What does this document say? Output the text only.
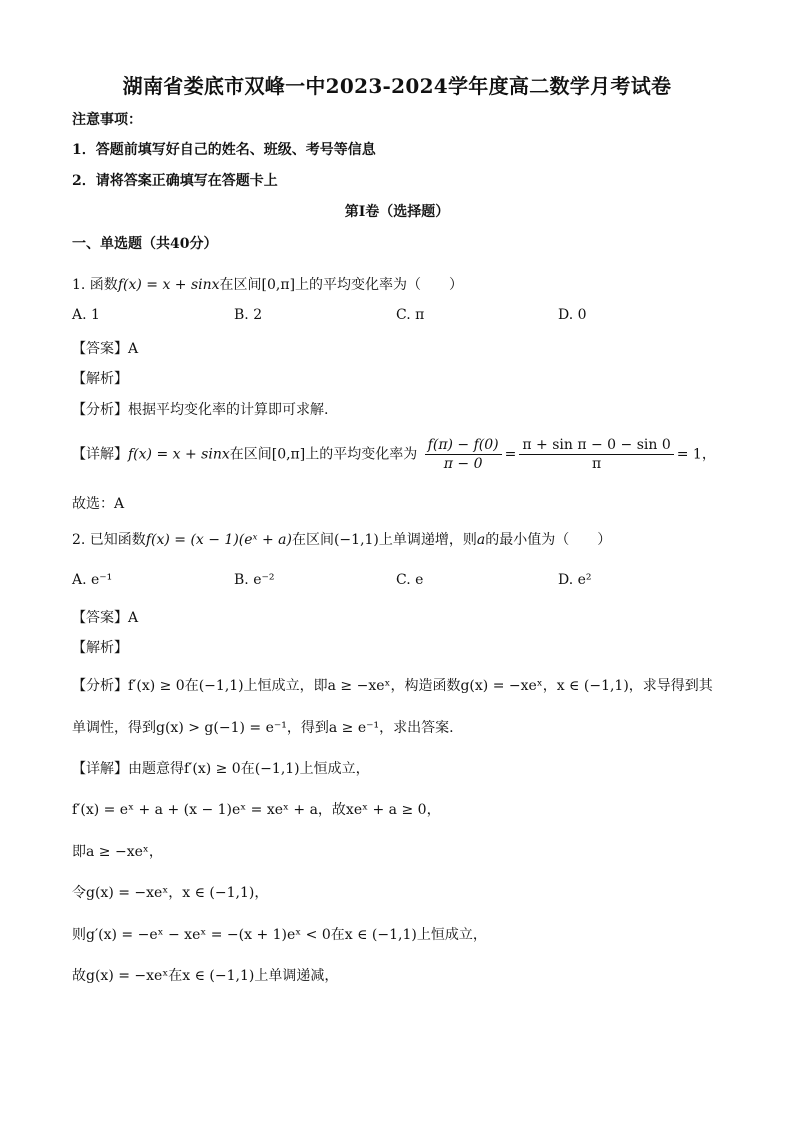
湖南省娄底市双峰一中2023-2024学年度高二数学月考试卷
注意事项：
1．答题前填写好自己的姓名、班级、考号等信息
2．请将答案正确填写在答题卡上
第I卷（选择题）
一、单选题（共40分）
1. 函数f(x) = x + sinx在区间[0,π]上的平均变化率为（　　）
A. 1	B. 2	C. π	D. 0
【答案】A
【解析】
【分析】根据平均变化率的计算即可求解.
【详解】f(x) = x + sinx在区间[0,π]上的平均变化率为 $\frac{f(\pi) - f(0)}{\pi - 0} = \frac{\text{π + sin π − 0 − sin 0}}{\pi} = 1$，
故选：A
2. 已知函数f(x) = (x − 1)(eˣ + a)在区间(−1,1)上单调递增，则a的最小值为（　　）
A. e⁻¹	B. e⁻²	C. e	D. e²
【答案】A
【解析】
【分析】f′(x) ≥ 0在(−1,1)上恒成立，即a ≥ −xeˣ，构造函数g(x) = −xeˣ，x ∈ (−1,1)，求导得到其
单调性，得到g(x) > g(−1) = e⁻¹，得到a ≥ e⁻¹，求出答案.
【详解】由题意得f′(x) ≥ 0在(−1,1)上恒成立，
f′(x) = eˣ + a + (x − 1)eˣ = xeˣ + a，故xeˣ + a ≥ 0，
即a ≥ −xeˣ，
令g(x) = −xeˣ，x ∈ (−1,1)，
则g′(x) = −eˣ − xeˣ = −(x + 1)eˣ < 0在x ∈ (−1,1)上恒成立，
故g(x) = −xeˣ在x ∈ (−1,1)上单调递减，
